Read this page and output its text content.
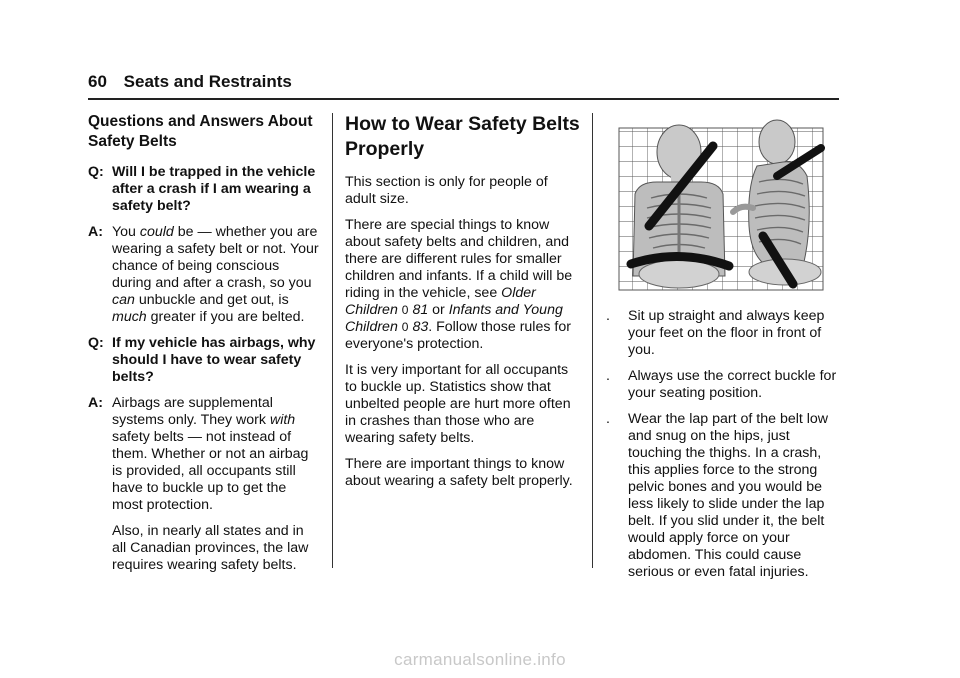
60 Seats and Restraints
Questions and Answers About Safety Belts
Q: Will I be trapped in the vehicle after a crash if I am wearing a safety belt?
A: You could be — whether you are wearing a safety belt or not. Your chance of being conscious during and after a crash, so you can unbuckle and get out, is much greater if you are belted.
Q: If my vehicle has airbags, why should I have to wear safety belts?
A: Airbags are supplemental systems only. They work with safety belts — not instead of them. Whether or not an airbag is provided, all occupants still have to buckle up to get the most protection.

Also, in nearly all states and in all Canadian provinces, the law requires wearing safety belts.

How to Wear Safety Belts Properly

This section is only for people of adult size.

There are special things to know about safety belts and children, and there are different rules for smaller children and infants. If a child will be riding in the vehicle, see Older Children 0 81 or Infants and Young Children 0 83. Follow those rules for everyone's protection.

It is very important for all occupants to buckle up. Statistics show that unbelted people are hurt more often in crashes than those who are wearing safety belts.

There are important things to know about wearing a safety belt properly.

.	Sit up straight and always keep your feet on the floor in front of you.
.	Always use the correct buckle for your seating position.
.	Wear the lap part of the belt low and snug on the hips, just touching the thighs. In a crash, this applies force to the strong pelvic bones and you would be less likely to slide under the lap belt. If you slid under it, the belt would apply force on your abdomen. This could cause serious or even fatal injuries.
carmanualsonline.info
